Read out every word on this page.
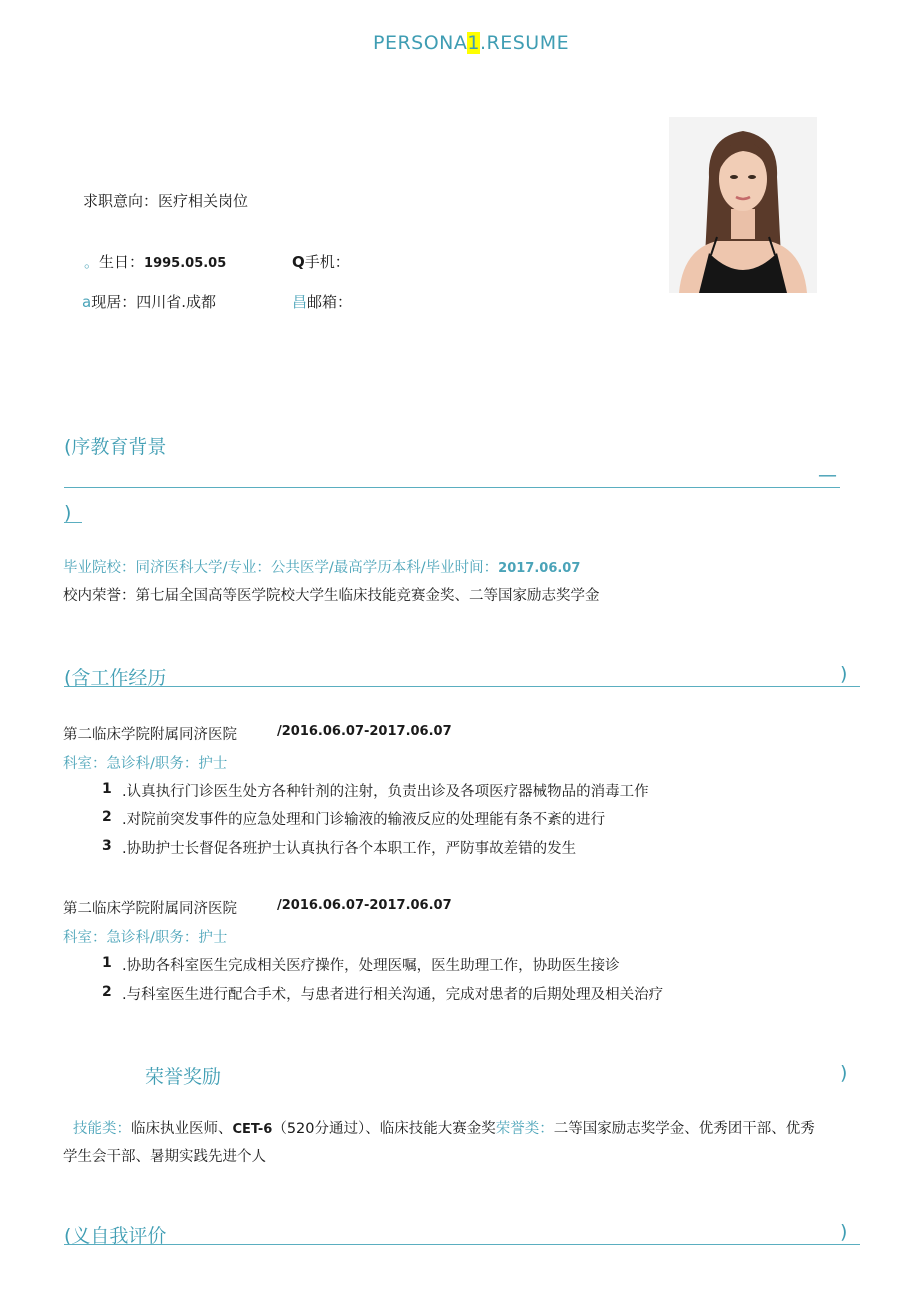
PERSONA1.RESUME
求职意向：医疗相关岗位
。生日：1995.05.05	Q手机：
a现居：四川省.成都	昌邮箱：
(序教育背景
—
)
毕业院校：同济医科大学/专业：公共医学/最高学历本科/毕业时间：2017.06.07
校内荣誉：第七届全国高等医学院校大学生临床技能竞赛金奖、二等国家励志奖学金
(含工作经历	)
第二临床学院附属同济医院	/2016.06.07-2017.06.07
科室：急诊科/职务：护士
1 .认真执行门诊医生处方各种针剂的注射，负责出诊及各项医疗器械物品的消毒工作
2 .对院前突发事件的应急处理和门诊输液的输液反应的处理能有条不紊的进行
3 .协助护士长督促各班护士认真执行各个本职工作，严防事故差错的发生
第二临床学院附属同济医院	/2016.06.07-2017.06.07
科室：急诊科/职务：护士
1 .协助各科室医生完成相关医疗操作，处理医嘱，医生助理工作，协助医生接诊
2 .与科室医生进行配合手术，与患者进行相关沟通，完成对患者的后期处理及相关治疗
荣誉奖励	)
技能类：临床执业医师、CET-6（520分通过）、临床技能大赛金奖荣誉类：二等国家励志奖学金、优秀团干部、优秀
学生会干部、暑期实践先进个人
(义自我评价	)
